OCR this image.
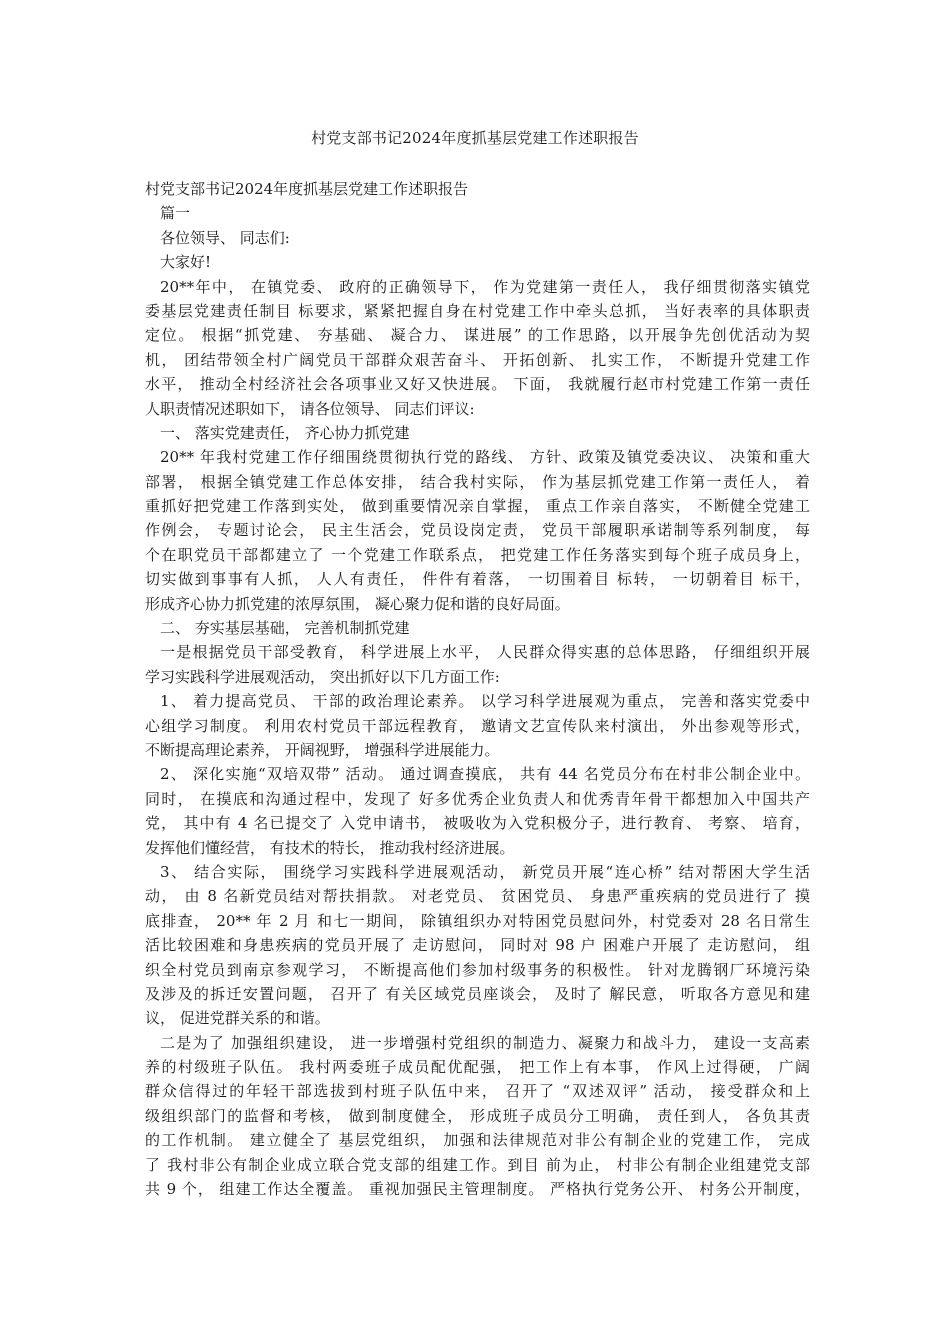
村党支部书记2024年度抓基层党建工作述职报告
村党支部书记2024年度抓基层党建工作述职报告
篇一
各位领导、 同志们:
大家好!
20**年中， 在镇党委、 政府的正确领导下， 作为党建第一责任人， 我仔细贯彻落实镇党
委基层党建责任制目 标要求，紧紧把握自身在村党建工作中牵头总抓， 当好表率的具体职责
定位。 根据“抓党建、 夯基础、 凝合力、 谋进展” 的工作思路，以开展争先创优活动为契
机， 团结带领全村广阔党员干部群众艰苦奋斗、 开拓创新、 扎实工作， 不断提升党建工作
水平， 推动全村经济社会各项事业又好又快进展。 下面， 我就履行赵市村党建工作第一责任
人职责情况述职如下， 请各位领导、 同志们评议:
一、 落实党建责任， 齐心协力抓党建
20** 年我村党建工作仔细围绕贯彻执行党的路线、 方针、政策及镇党委决议、 决策和重大
部署， 根据全镇党建工作总体安排， 结合我村实际， 作为基层抓党建工作第一责任人， 着
重抓好把党建工作落到实处， 做到重要情况亲自掌握， 重点工作亲自落实， 不断健全党建工
作例会， 专题讨论会， 民主生活会，党员设岗定责， 党员干部履职承诺制等系列制度， 每
个在职党员干部都建立了 一个党建工作联系点， 把党建工作任务落实到每个班子成员身上，
切实做到事事有人抓， 人人有责任， 件件有着落， 一切围着目 标转， 一切朝着目 标干，
形成齐心协力抓党建的浓厚氛围， 凝心聚力促和谐的良好局面。
二、 夯实基层基础， 完善机制抓党建
一是根据党员干部受教育， 科学进展上水平， 人民群众得实惠的总体思路， 仔细组织开展
学习实践科学进展观活动， 突出抓好以下几方面工作:
1、 着力提高党员、 干部的政治理论素养。 以学习科学进展观为重点， 完善和落实党委中
心组学习制度。 利用农村党员干部远程教育， 邀请文艺宣传队来村演出， 外出参观等形式，
不断提高理论素养， 开阔视野， 增强科学进展能力。
2、 深化实施“双培双带” 活动。 通过调查摸底， 共有 44 名党员分布在村非公制企业中。
同时， 在摸底和沟通过程中，发现了 好多优秀企业负责人和优秀青年骨干都想加入中国共产
党， 其中有 4 名已提交了 入党申请书， 被吸收为入党积极分子，进行教育、 考察、 培育，
发挥他们懂经营， 有技术的特长， 推动我村经济进展。
3、 结合实际， 围绕学习实践科学进展观活动， 新党员开展“连心桥” 结对帮困大学生活
动， 由 8 名新党员结对帮扶捐款。 对老党员、 贫困党员、 身患严重疾病的党员进行了 摸
底排查， 20** 年 2 月 和七一期间， 除镇组织办对特困党员慰问外，村党委对 28 名日常生
活比较困难和身患疾病的党员开展了 走访慰问， 同时对 98 户 困难户开展了 走访慰问， 组
织全村党员到南京参观学习， 不断提高他们参加村级事务的积极性。 针对龙腾钢厂环境污染
及涉及的拆迁安置问题， 召开了 有关区域党员座谈会， 及时了 解民意， 听取各方意见和建
议， 促进党群关系的和谐。
二是为了 加强组织建设， 进一步增强村党组织的制造力、凝聚力和战斗力， 建设一支高素
养的村级班子队伍。 我村两委班子成员配优配强， 把工作上有本事， 作风上过得硬， 广阔
群众信得过的年轻干部选拔到村班子队伍中来， 召开了 “双述双评” 活动， 接受群众和上
级组织部门的监督和考核， 做到制度健全， 形成班子成员分工明确， 责任到人， 各负其责
的工作机制。 建立健全了 基层党组织， 加强和法律规范对非公有制企业的党建工作， 完成
了 我村非公有制企业成立联合党支部的组建工作。到目 前为止， 村非公有制企业组建党支部
共 9 个， 组建工作达全覆盖。 重视加强民主管理制度。 严格执行党务公开、 村务公开制度，
